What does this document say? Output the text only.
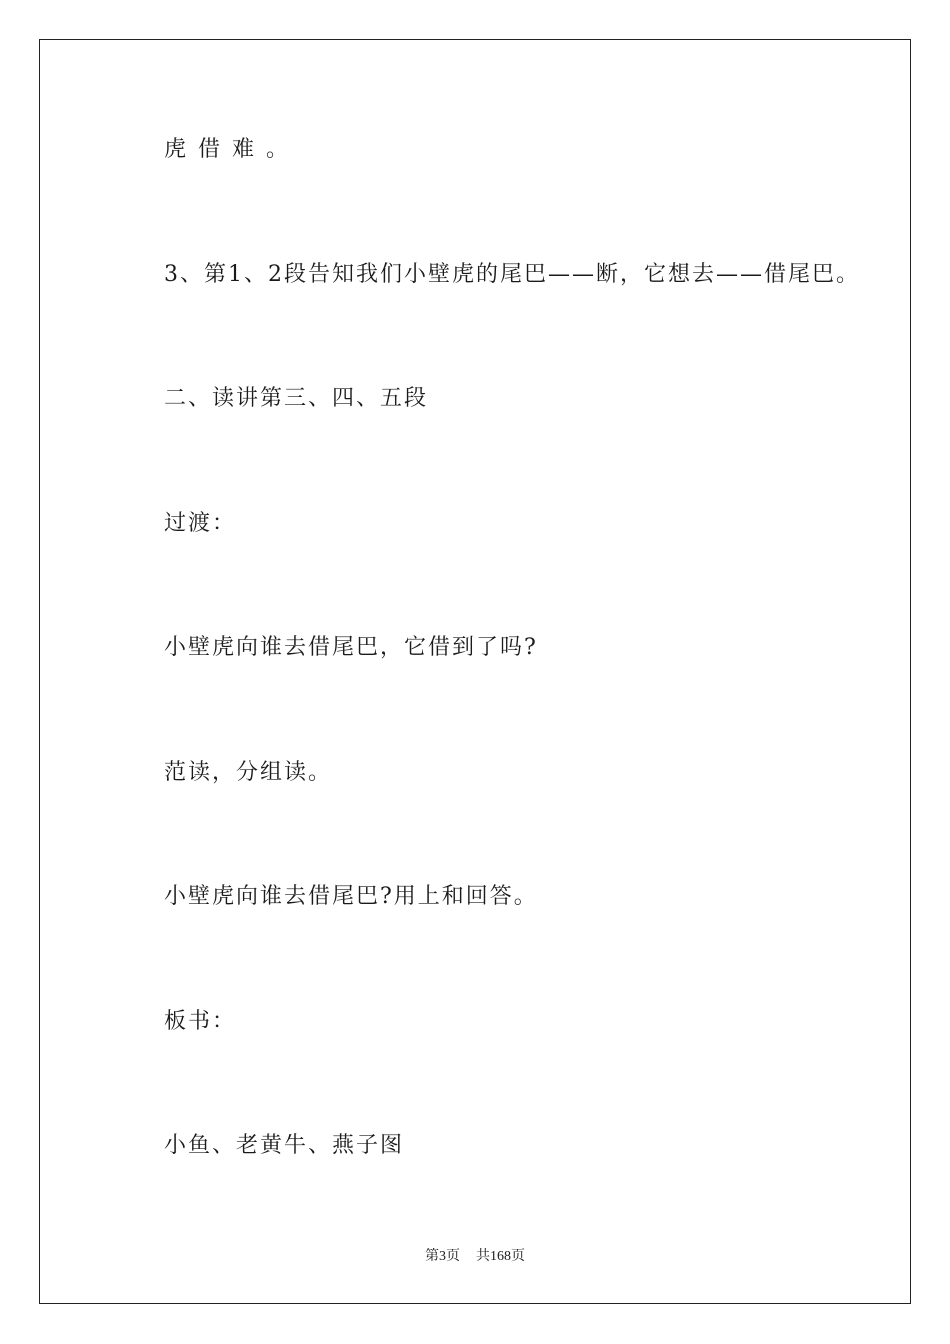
虎借难。
3、第1、2段告知我们小壁虎的尾巴——断，它想去——借尾巴。
二、读讲第三、四、五段
过渡：
小壁虎向谁去借尾巴，它借到了吗?
范读，分组读。
小壁虎向谁去借尾巴?用上和回答。
板书：
小鱼、老黄牛、燕子图
第3页 共168页
